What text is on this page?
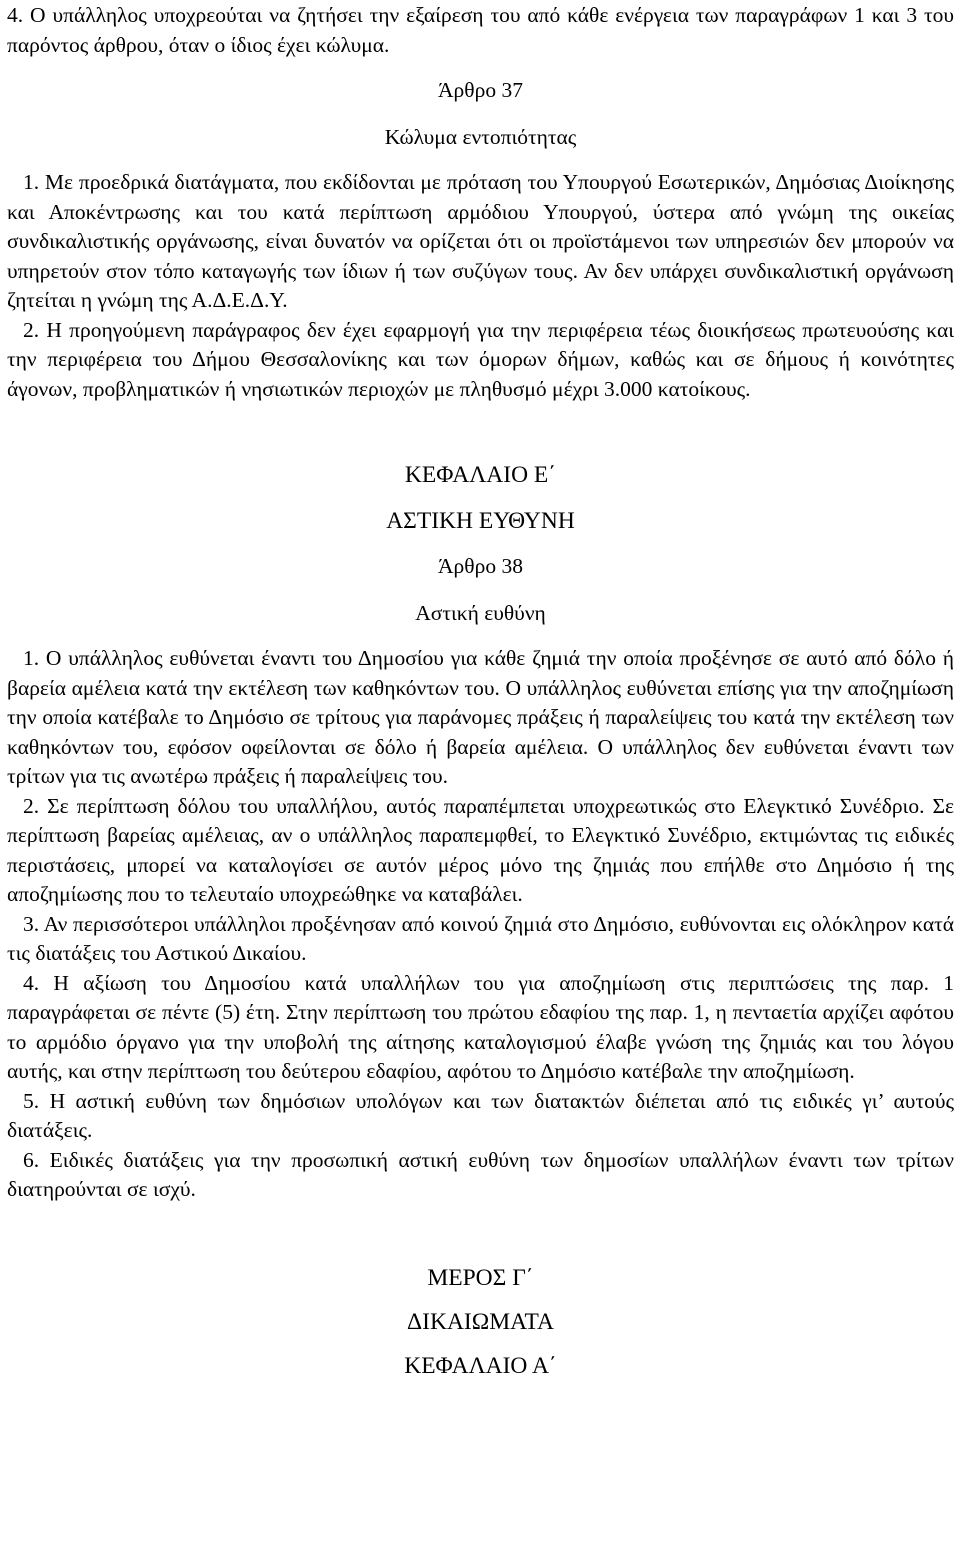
4. Ο υπάλληλος υποχρεούται να ζητήσει την εξαίρεση του από κάθε ενέργεια των παραγράφων 1 και 3 του παρόντος άρθρου, όταν ο ίδιος έχει κώλυμα.

Άρθρο 37

Κώλυμα εντοπιότητας

1. Με προεδρικά διατάγματα, που εκδίδονται με πρόταση του Υπουργού Εσωτερικών, Δημόσιας Διοίκησης και Αποκέντρωσης και του κατά περίπτωση αρμόδιου Υπουργού, ύστερα από γνώμη της οικείας συνδικαλιστικής οργάνωσης, είναι δυνατόν να ορίζεται ότι οι προϊστάμενοι των υπηρεσιών δεν μπορούν να υπηρετούν στον τόπο καταγωγής των ίδιων ή των συζύγων τους. Αν δεν υπάρχει συνδικαλιστική οργάνωση ζητείται η γνώμη της Α.Δ.Ε.Δ.Υ.

2. Η προηγούμενη παράγραφος δεν έχει εφαρμογή για την περιφέρεια τέως διοικήσεως πρωτευούσης και την περιφέρεια του Δήμου Θεσσαλονίκης και των όμορων δήμων, καθώς και σε δήμους ή κοινότητες άγονων, προβληματικών ή νησιωτικών περιοχών με πληθυσμό μέχρι 3.000 κατοίκους.

ΚΕΦΑΛΑΙΟ Ε΄

ΑΣΤΙΚΗ ΕΥΘΥΝΗ

Άρθρο 38

Αστική ευθύνη

1. Ο υπάλληλος ευθύνεται έναντι του Δημοσίου για κάθε ζημιά την οποία προξένησε σε αυτό από δόλο ή βαρεία αμέλεια κατά την εκτέλεση των καθηκόντων του. Ο υπάλληλος ευθύνεται επίσης για την αποζημίωση την οποία κατέβαλε το Δημόσιο σε τρίτους για παράνομες πράξεις ή παραλείψεις του κατά την εκτέλεση των καθηκόντων του, εφόσον οφείλονται σε δόλο ή βαρεία αμέλεια. Ο υπάλληλος δεν ευθύνεται έναντι των τρίτων για τις ανωτέρω πράξεις ή παραλείψεις του.

2. Σε περίπτωση δόλου του υπαλλήλου, αυτός παραπέμπεται υποχρεωτικώς στο Ελεγκτικό Συνέδριο. Σε περίπτωση βαρείας αμέλειας, αν ο υπάλληλος παραπεμφθεί, το Ελεγκτικό Συνέδριο, εκτιμώντας τις ειδικές περιστάσεις, μπορεί να καταλογίσει σε αυτόν μέρος μόνο της ζημιάς που επήλθε στο Δημόσιο ή της αποζημίωσης που το τελευταίο υποχρεώθηκε να καταβάλει.

3. Αν περισσότεροι υπάλληλοι προξένησαν από κοινού ζημιά στο Δημόσιο, ευθύνονται εις ολόκληρον κατά τις διατάξεις του Αστικού Δικαίου.

4. Η αξίωση του Δημοσίου κατά υπαλλήλων του για αποζημίωση στις περιπτώσεις της παρ. 1 παραγράφεται σε πέντε (5) έτη. Στην περίπτωση του πρώτου εδαφίου της παρ. 1, η πενταετία αρχίζει αφότου το αρμόδιο όργανο για την υποβολή της αίτησης καταλογισμού έλαβε γνώση της ζημιάς και του λόγου αυτής, και στην περίπτωση του δεύτερου εδαφίου, αφότου το Δημόσιο κατέβαλε την αποζημίωση.

5. Η αστική ευθύνη των δημόσιων υπολόγων και των διατακτών διέπεται από τις ειδικές γι’ αυτούς διατάξεις.

6. Ειδικές διατάξεις για την προσωπική αστική ευθύνη των δημοσίων υπαλλήλων έναντι των τρίτων διατηρούνται σε ισχύ.

ΜΕΡΟΣ Γ΄

ΔΙΚΑΙΩΜΑΤΑ

ΚΕΦΑΛΑΙΟ Α΄
